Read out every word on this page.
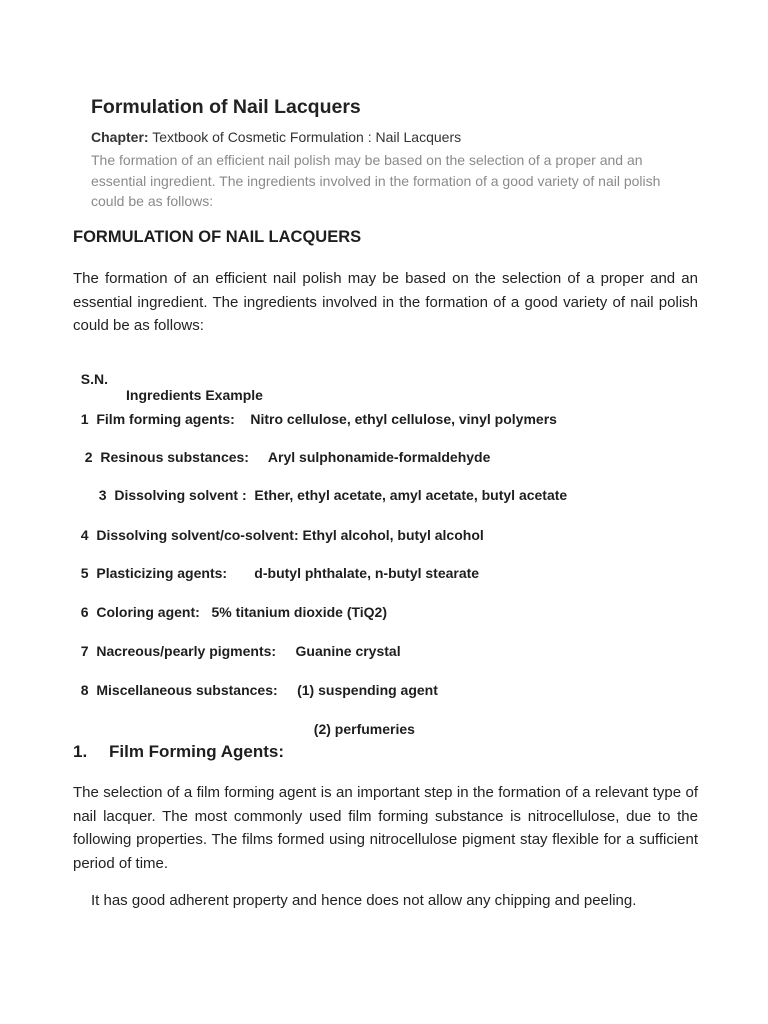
Formulation of Nail Lacquers

Chapter: Textbook of Cosmetic Formulation : Nail Lacquers

The formation of an efficient nail polish may be based on the selection of a proper and an essential ingredient. The ingredients involved in the formation of a good variety of nail polish could be as follows:

FORMULATION OF NAIL LACQUERS

The formation of an efficient nail polish may be based on the selection of a proper and an essential ingredient. The ingredients involved in the formation of a good variety of nail polish could be as follows:

S.N.

Ingredients Example

1 Film forming agents: Nitro cellulose, ethyl cellulose, vinyl polymers

2 Resinous substances: Aryl sulphonamide-formaldehyde

3 Dissolving solvent : Ether, ethyl acetate, amyl acetate, butyl acetate

4 Dissolving solvent/co-solvent: Ethyl alcohol, butyl alcohol

5 Plasticizing agents: d-butyl phthalate, n-butyl stearate

6 Coloring agent: 5% titanium dioxide (TiQ2)

7 Nacreous/pearly pigments: Guanine crystal

8 Miscellaneous substances: (1) suspending agent

(2) perfumeries

1. Film Forming Agents:

The selection of a film forming agent is an important step in the formation of a relevant type of nail lacquer. The most commonly used film forming substance is nitrocellulose, due to the following properties. The films formed using nitrocellulose pigment stay flexible for a sufficient period of time.

It has good adherent property and hence does not allow any chipping and peeling.
